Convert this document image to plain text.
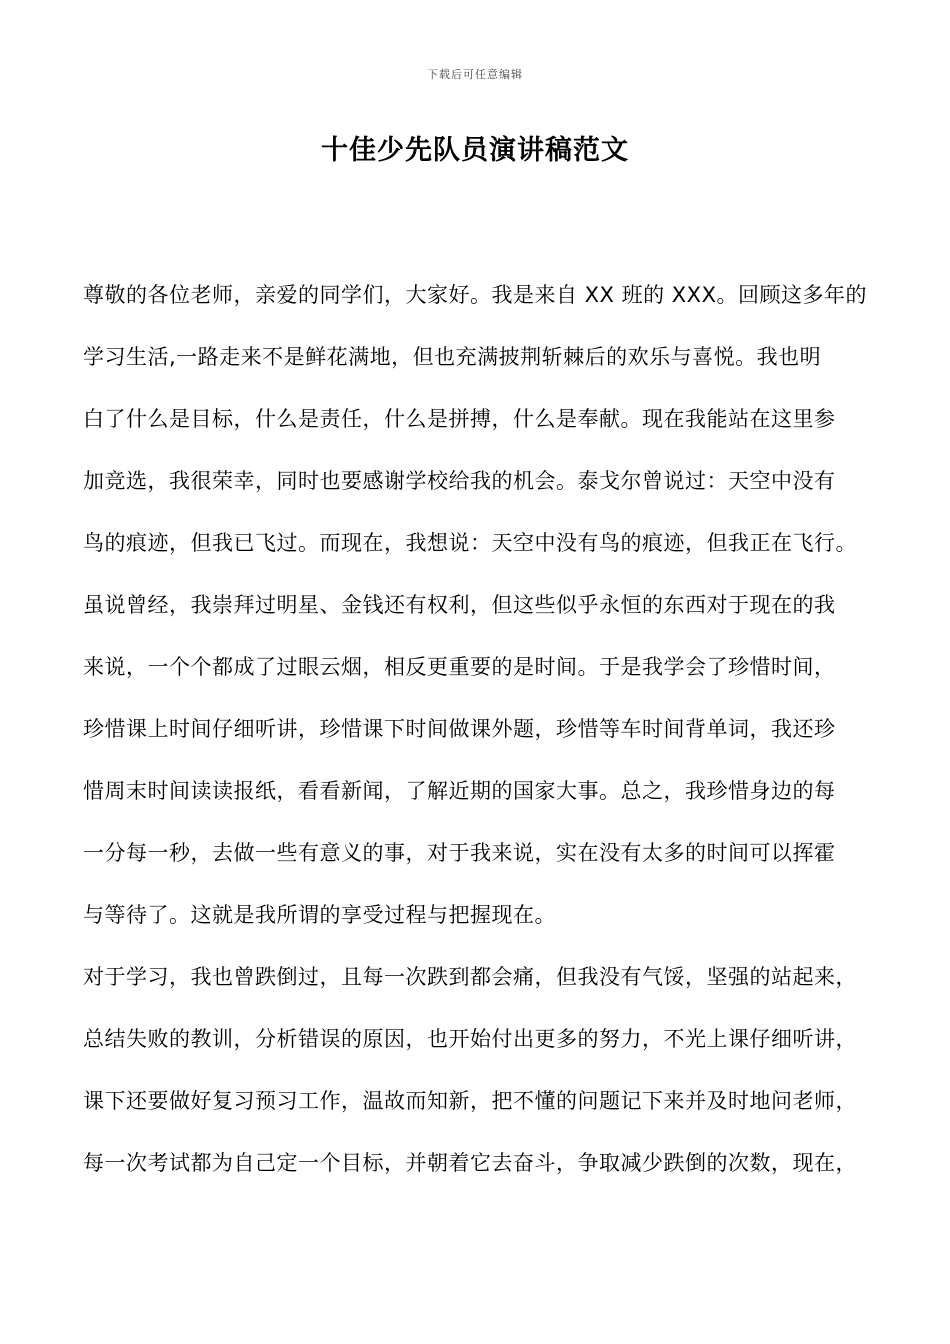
下载后可任意编辑
十佳少先队员演讲稿范文
尊敬的各位老师，亲爱的同学们，大家好。我是来自 XX 班的 XXX。回顾这多年的
学习生活,一路走来不是鲜花满地，但也充满披荆斩棘后的欢乐与喜悦。我也明
白了什么是目标，什么是责任，什么是拼搏，什么是奉献。现在我能站在这里参
加竞选，我很荣幸，同时也要感谢学校给我的机会。泰戈尔曾说过：天空中没有
鸟的痕迹，但我已飞过。而现在，我想说：天空中没有鸟的痕迹，但我正在飞行。
虽说曾经，我崇拜过明星、金钱还有权利，但这些似乎永恒的东西对于现在的我
来说，一个个都成了过眼云烟，相反更重要的是时间。于是我学会了珍惜时间，
珍惜课上时间仔细听讲，珍惜课下时间做课外题，珍惜等车时间背单词，我还珍
惜周末时间读读报纸，看看新闻，了解近期的国家大事。总之，我珍惜身边的每
一分每一秒，去做一些有意义的事，对于我来说，实在没有太多的时间可以挥霍
与等待了。这就是我所谓的享受过程与把握现在。
对于学习，我也曾跌倒过，且每一次跌到都会痛，但我没有气馁，坚强的站起来，
总结失败的教训，分析错误的原因，也开始付出更多的努力，不光上课仔细听讲，
课下还要做好复习预习工作，温故而知新，把不懂的问题记下来并及时地问老师，
每一次考试都为自己定一个目标，并朝着它去奋斗，争取减少跌倒的次数，现在，
